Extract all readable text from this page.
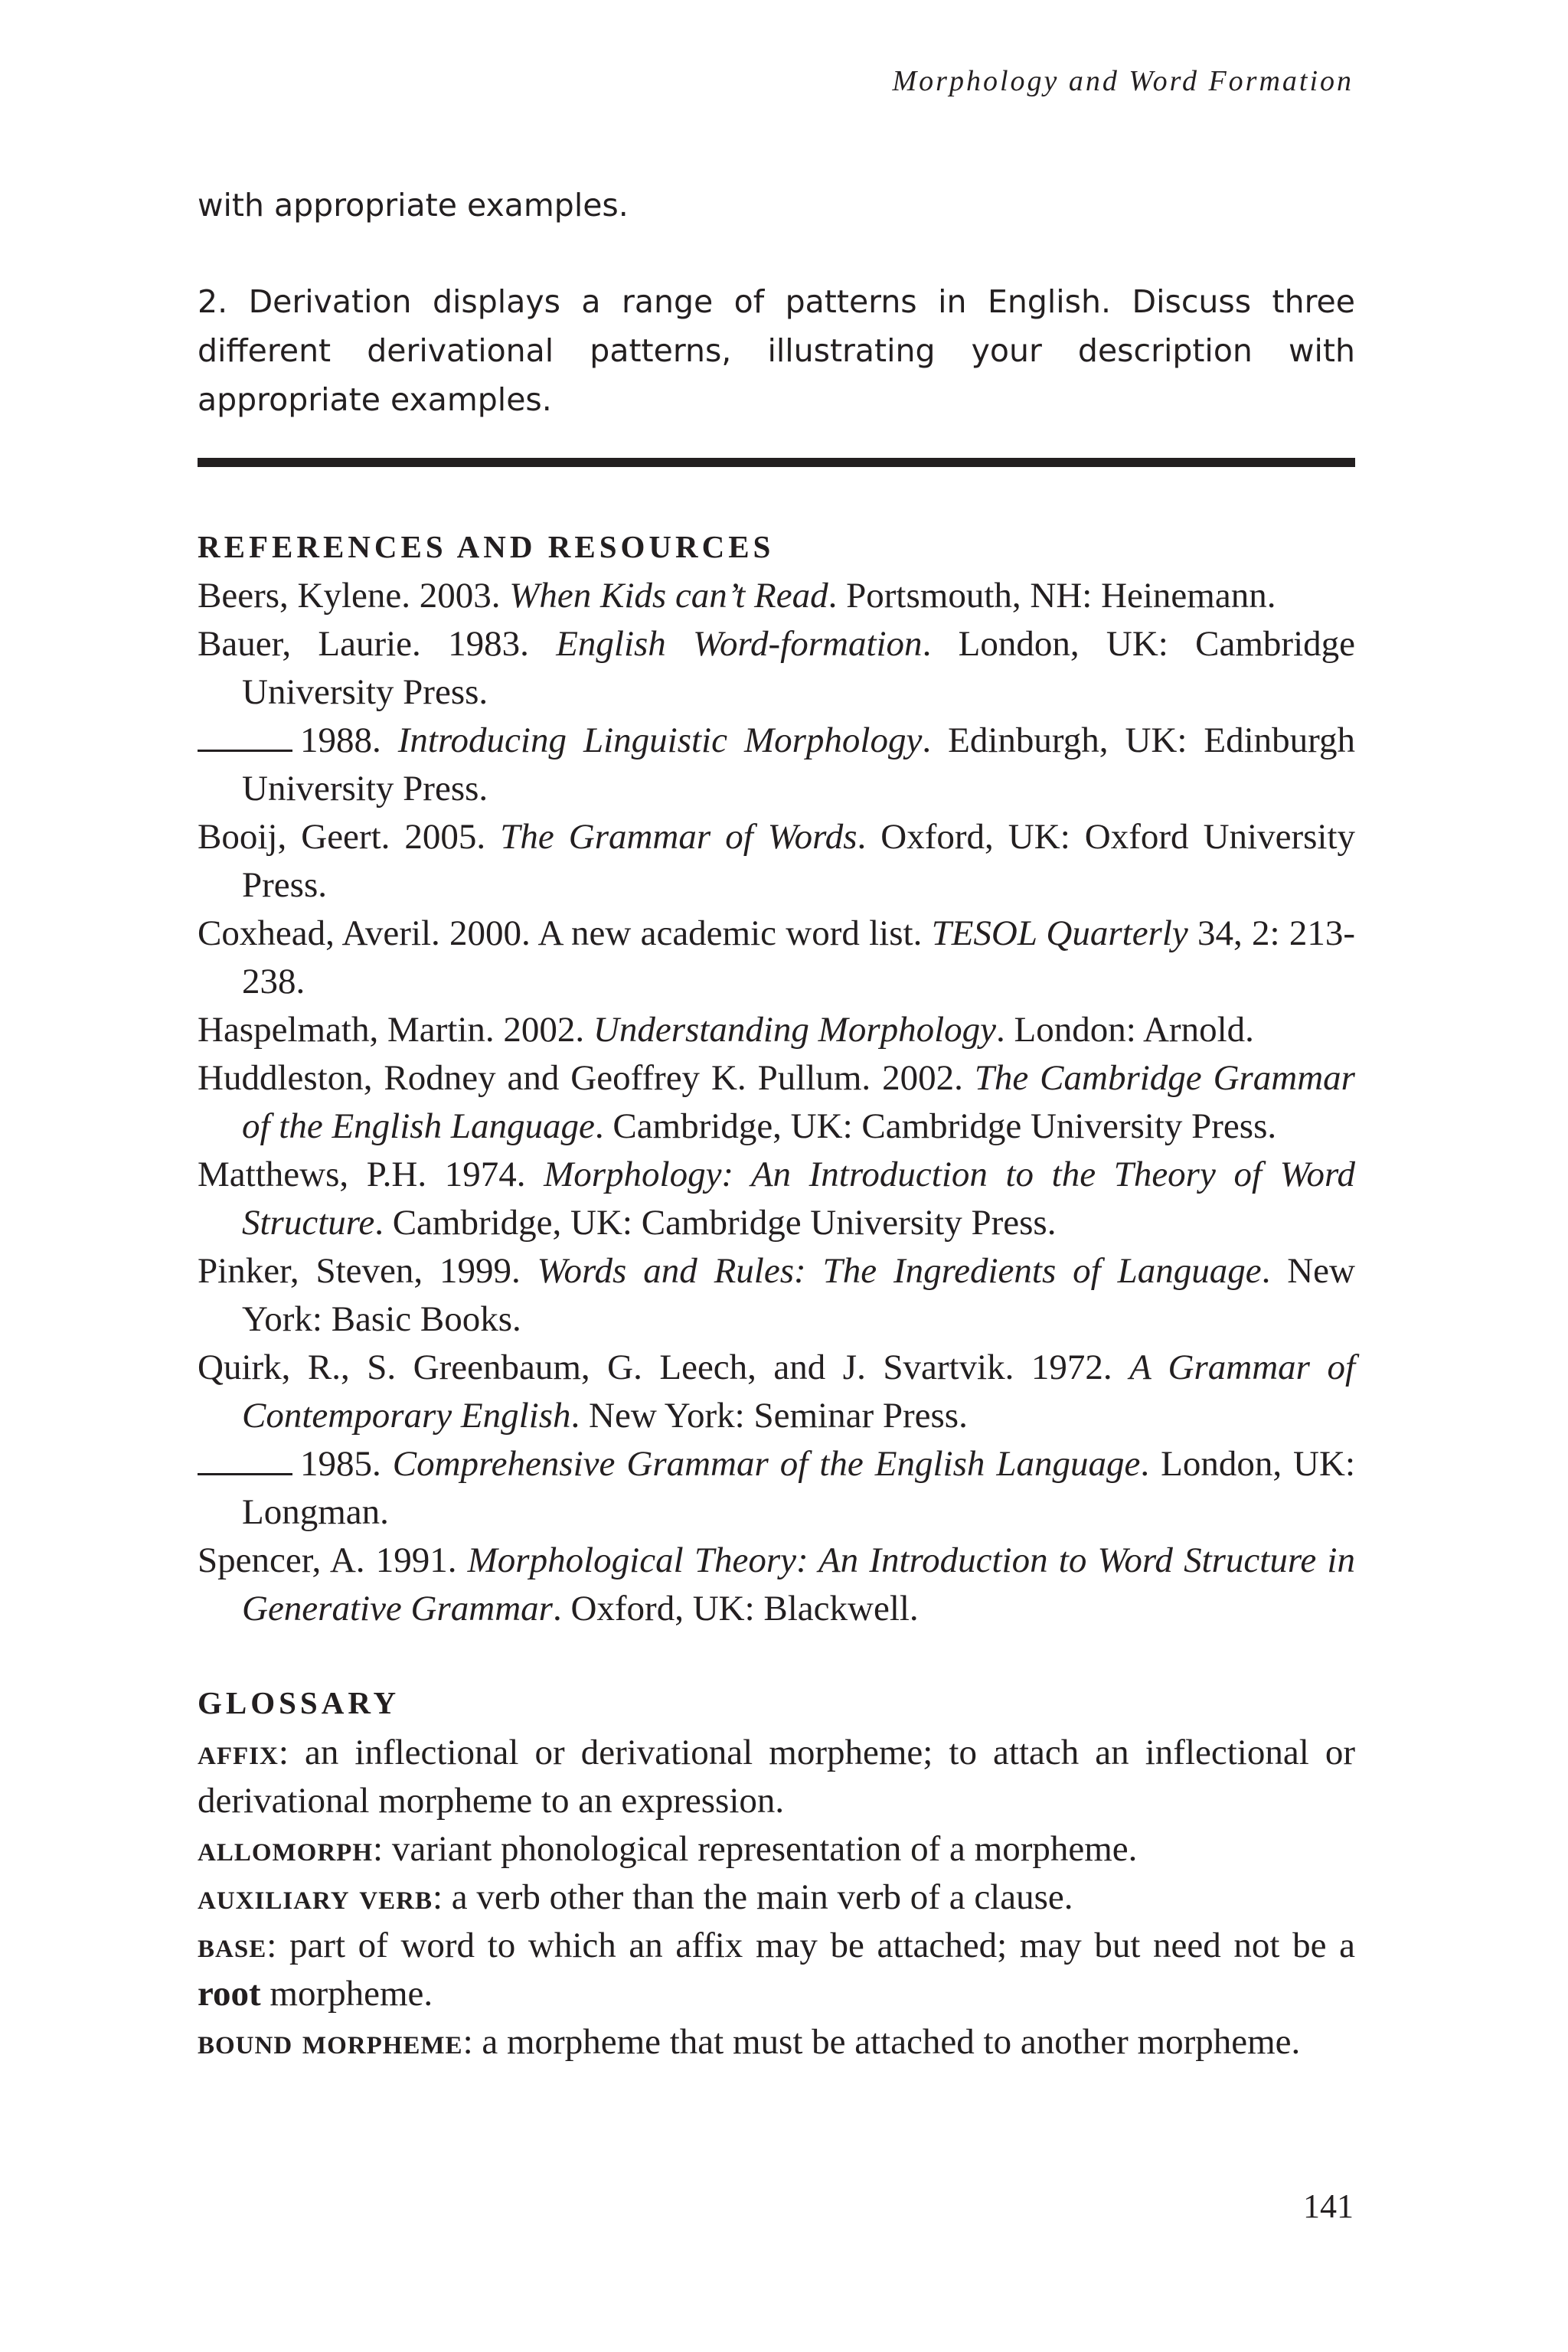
Morphology and Word Formation

with appropriate examples.

2. Derivation displays a range of patterns in English. Discuss three different derivational patterns, illustrating your description with appropriate examples.

REFERENCES AND RESOURCES

Beers, Kylene. 2003. When Kids can’t Read. Portsmouth, NH: Heinemann.

Bauer, Laurie. 1983. English Word-formation. London, UK: Cambridge University Press.

1988. Introducing Linguistic Morphology. Edinburgh, UK: Edinburgh University Press.

Booij, Geert. 2005. The Grammar of Words. Oxford, UK: Oxford University Press.

Coxhead, Averil. 2000. A new academic word list. TESOL Quarterly 34, 2: 213-238.

Haspelmath, Martin. 2002. Understanding Morphology. London: Arnold.

Huddleston, Rodney and Geoffrey K. Pullum. 2002. The Cambridge Grammar of the English Language. Cambridge, UK: Cambridge University Press.

Matthews, P.H. 1974. Morphology: An Introduction to the Theory of Word Structure. Cambridge, UK: Cambridge University Press.

Pinker, Steven, 1999. Words and Rules: The Ingredients of Language. New York: Basic Books.

Quirk, R., S. Greenbaum, G. Leech, and J. Svartvik. 1972. A Grammar of Contemporary English. New York: Seminar Press.

1985. Comprehensive Grammar of the English Language. London, UK: Longman.

Spencer, A. 1991. Morphological Theory: An Introduction to Word Structure in Generative Grammar. Oxford, UK: Blackwell.

GLOSSARY

affix: an inflectional or derivational morpheme; to attach an inflectional or derivational morpheme to an expression.

allomorph: variant phonological representation of a morpheme.

auxiliary verb: a verb other than the main verb of a clause.

base: part of word to which an affix may be attached; may but need not be a root morpheme.

bound morpheme: a morpheme that must be attached to another morpheme.

141
